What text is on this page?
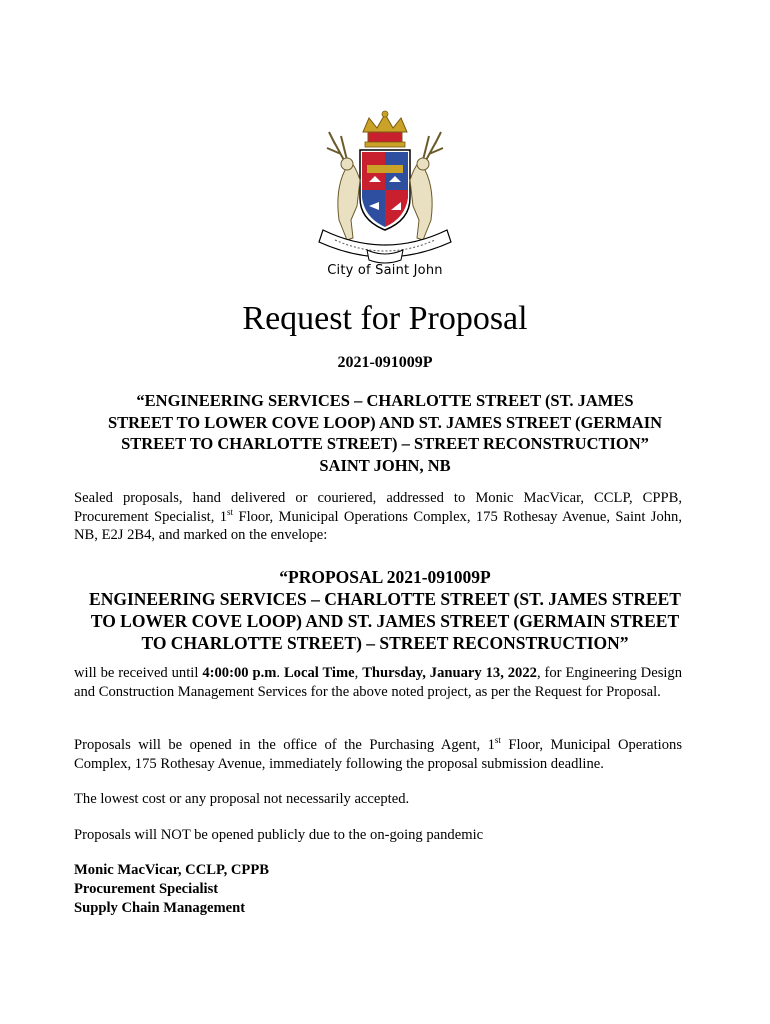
City of Saint John
Request for Proposal
2021-091009P
“ENGINEERING SERVICES – CHARLOTTE STREET (ST. JAMES
STREET TO LOWER COVE LOOP) AND ST. JAMES STREET (GERMAIN
STREET TO CHARLOTTE STREET) – STREET RECONSTRUCTION”
SAINT JOHN, NB

Sealed proposals, hand delivered or couriered, addressed to Monic MacVicar, CCLP, CPPB, Procurement Specialist, 1st Floor, Municipal Operations Complex, 175 Rothesay Avenue, Saint John, NB, E2J 2B4, and marked on the envelope:

“PROPOSAL 2021-091009P
ENGINEERING SERVICES – CHARLOTTE STREET (ST. JAMES STREET
TO LOWER COVE LOOP) AND ST. JAMES STREET (GERMAIN STREET
TO CHARLOTTE STREET) – STREET RECONSTRUCTION”

will be received until 4:00:00 p.m. Local Time, Thursday, January 13, 2022, for Engineering Design and Construction Management Services for the above noted project, as per the Request for Proposal.

Proposals will be opened in the office of the Purchasing Agent, 1st Floor, Municipal Operations Complex, 175 Rothesay Avenue, immediately following the proposal submission deadline.

The lowest cost or any proposal not necessarily accepted.

Proposals will NOT be opened publicly due to the on-going pandemic

Monic MacVicar, CCLP, CPPB
Procurement Specialist
Supply Chain Management
